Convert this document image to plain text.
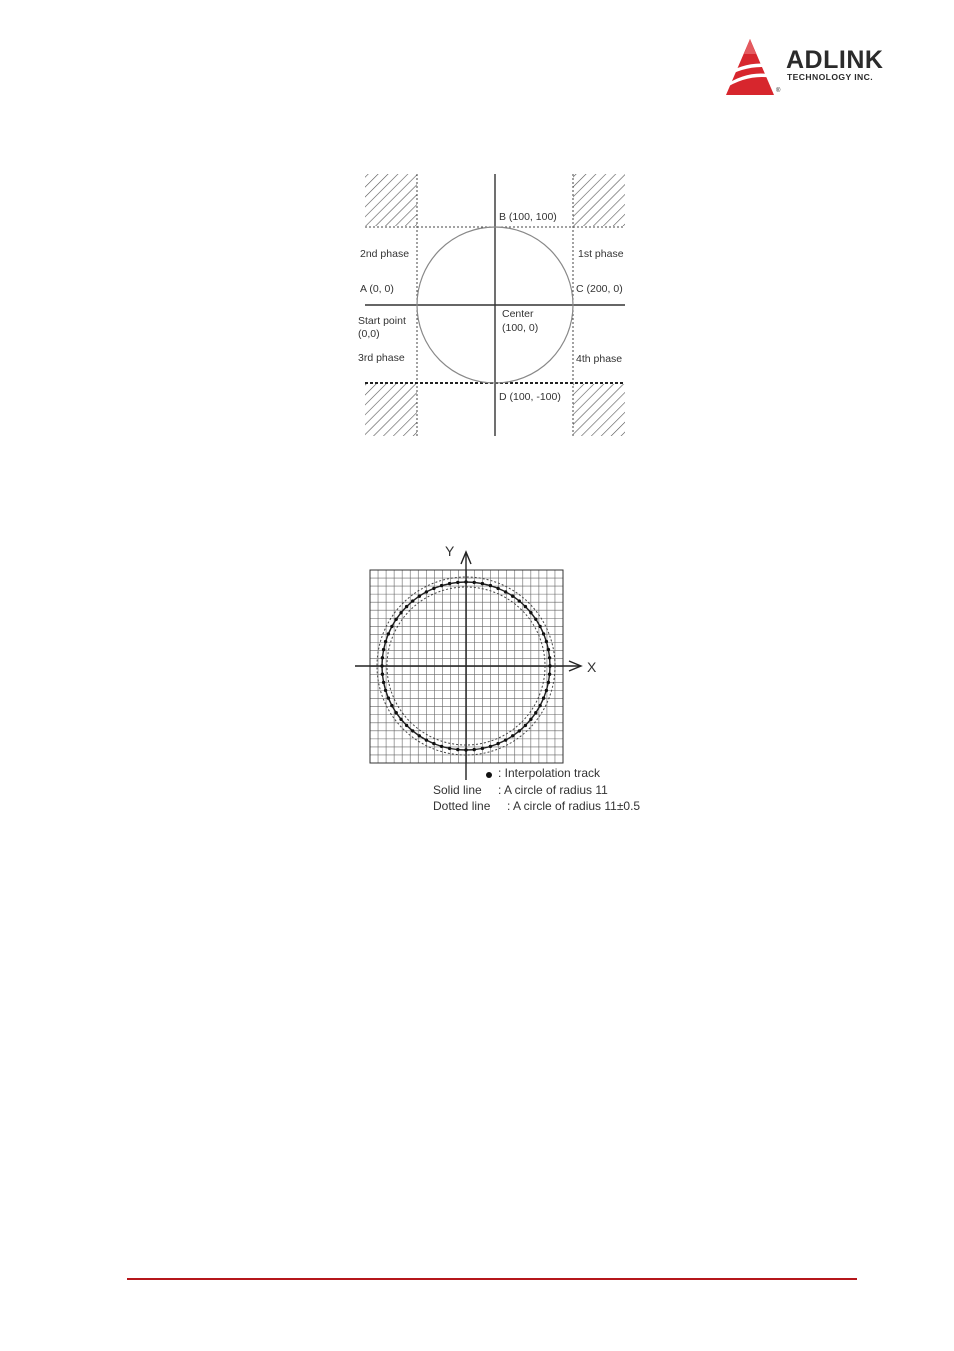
ADLINK
TECHNOLOGY INC.
®
B (100, 100)
2nd phase	1st phase
A (0, 0)	C (200, 0)
Start point
(0,0)
Center
(100, 0)
3rd phase	4th phase
D (100, -100)
Y
X
: Interpolation track
Solid line : A circle of radius 11
Dotted line : A circle of radius 11±0.5
